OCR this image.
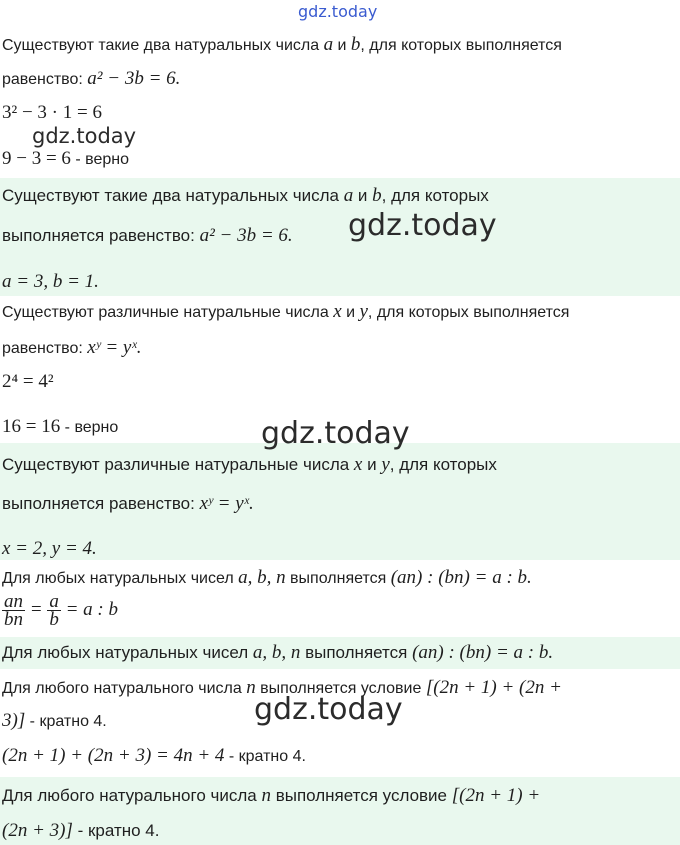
gdz.today
gdz.today
gdz.today
gdz.today
gdz.today
Существуют такие два натуральных числа a и b, для которых выполняется
равенство: a² − 3b = 6.
3² − 3 · 1 = 6
9 − 3 = 6 - верно
Существуют такие два натуральных числа a и b, для которых
выполняется равенство: a² − 3b = 6.
a = 3, b = 1.
Существуют различные натуральные числа x и y, для которых выполняется
равенство: xʸ = yˣ.
2⁴ = 4²
16 = 16 - верно
Существуют различные натуральные числа x и y, для которых
выполняется равенство: xʸ = yˣ.
x = 2, y = 4.
Для любых натуральных чисел a, b, n выполняется (an) : (bn) = a : b.
$\frac{an}{bn} = \frac{a}{b} = a$ : b
Для любых натуральных чисел a, b, n выполняется (an) : (bn) = a : b.
Для любого натурального числа n выполняется условие [(2n + 1) + (2n +
3)] - кратно 4.
(2n + 1) + (2n + 3) = 4n + 4 - кратно 4.
Для любого натурального числа n выполняется условие [(2n + 1) +
(2n + 3)] - кратно 4.
